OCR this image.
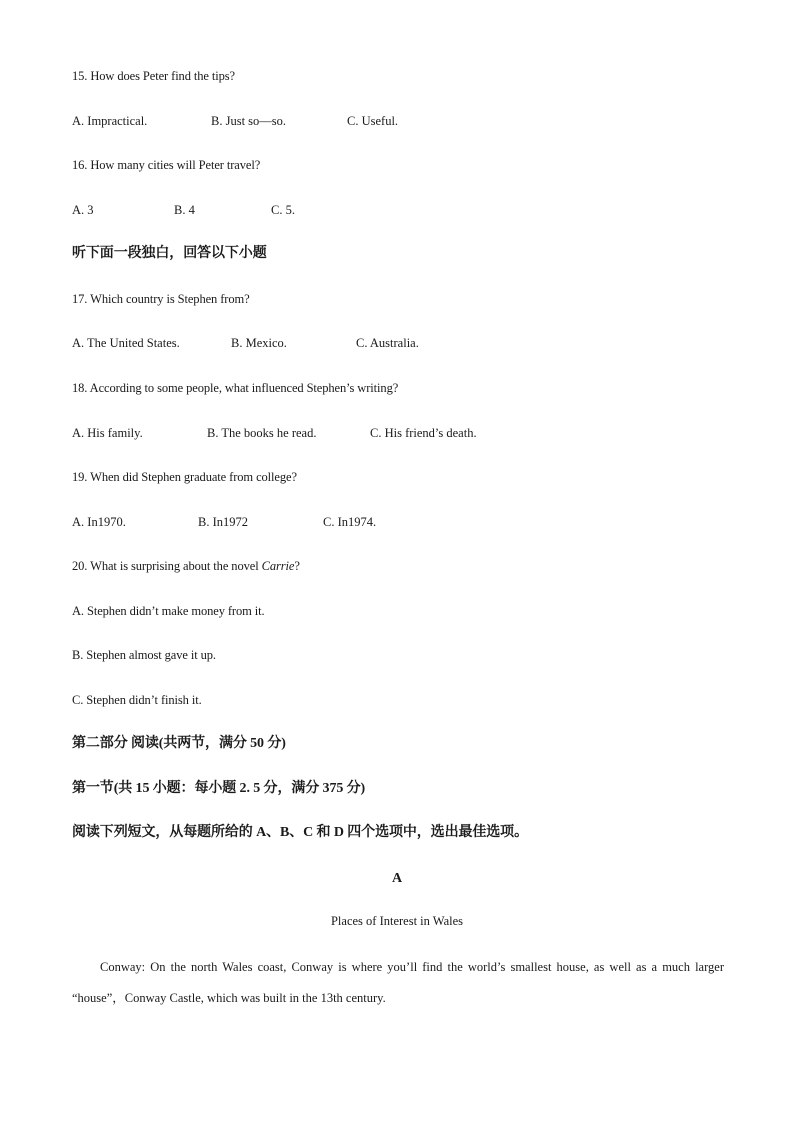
15. How does Peter find the tips?
A. Impractical.	B. Just so—so.	C. Useful.
16. How many cities will Peter travel?
A. 3	B. 4	C. 5.
听下面一段独白，回答以下小题
17. Which country is Stephen from?
A. The United States.	B. Mexico.	C. Australia.
18. According to some people, what influenced Stephen’s writing?
A. His family.	B. The books he read.	C. His friend’s death.
19. When did Stephen graduate from college?
A. In1970.	B. In1972	C. In1974.
20. What is surprising about the novel Carrie?
A. Stephen didn’t make money from it.
B. Stephen almost gave it up.
C. Stephen didn’t finish it.
第二部分 阅读(共两节，满分 50 分)
第一节(共 15 小题：每小题 2. 5 分，满分 375 分)
阅读下列短文，从每题所给的 A、B、C 和 D 四个选项中，选出最佳选项。
A
Places of Interest in Wales
Conway: On the north Wales coast, Conway is where you’ll find the world’s smallest house, as well as a much larger “house”，Conway Castle, which was built in the 13th century.
